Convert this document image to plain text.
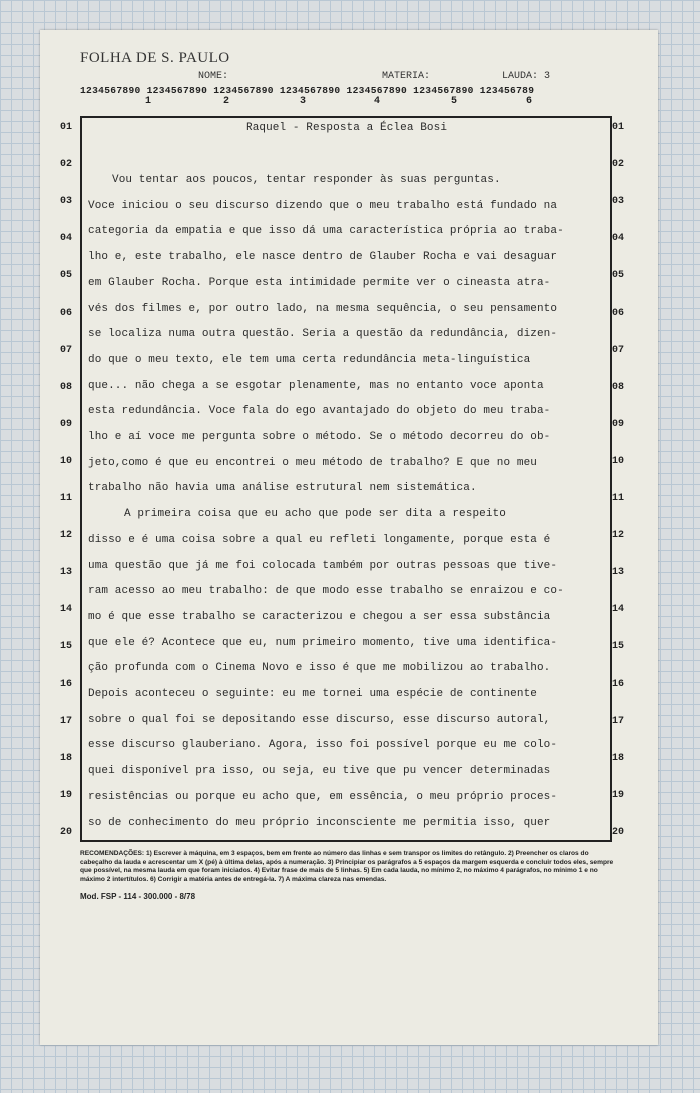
FOLHA DE S. PAULO
NOME:	MATERIA:	LAUDA: 3
1234567890 1234567890 1234567890 1234567890 1234567890 1234567890 123456789
1	2	3	4	5	6
01	01
02	02
03	03
04	04
05	05
06	06
07	07
08	08
09	09
10	10
11	11
12	12
13	13
14	14
15	15
16	16
17	17
18	18
19	19
20	20
Raquel - Resposta a Éclea Bosi
Vou tentar aos poucos, tentar responder às suas perguntas.
Voce iniciou o seu discurso dizendo que o meu trabalho está fundado na
categoria da empatia e que isso dá uma característica própria ao traba-
lho e, este trabalho, ele nasce dentro de Glauber Rocha e vai desaguar
em Glauber Rocha. Porque esta intimidade permite ver o cineasta atra-
vés dos filmes e, por outro lado, na mesma sequência, o seu pensamento
se localiza numa outra questão. Seria a questão da redundância, dizen-
do que o meu texto, ele tem uma certa redundância meta-linguística
que... não chega a se esgotar plenamente, mas no entanto voce aponta
esta redundância. Voce fala do ego avantajado do objeto do meu traba-
lho e aí voce me pergunta sobre o método. Se o método decorreu do ob-
jeto,como é que eu encontrei o meu método de trabalho? E que no meu
trabalho não havia uma análise estrutural nem sistemática.
A primeira coisa que eu acho que pode ser dita a respeito
disso e é uma coisa sobre a qual eu refleti longamente, porque esta é
uma questão que já me foi colocada também por outras pessoas que tive-
ram acesso ao meu trabalho: de que modo esse trabalho se enraizou e co-
mo é que esse trabalho se caracterizou e chegou a ser essa substância
que ele é? Acontece que eu, num primeiro momento, tive uma identifica-
ção profunda com o Cinema Novo e isso é que me mobilizou ao trabalho.
Depois aconteceu o seguinte: eu me tornei uma espécie de continente
sobre o qual foi se depositando esse discurso, esse discurso autoral,
esse discurso glauberiano. Agora, isso foi possível porque eu me colo-
quei disponível pra isso, ou seja, eu tive que pu vencer determinadas
resistências ou porque eu acho que, em essência, o meu próprio proces-
so de conhecimento do meu próprio inconsciente me permitia isso, quer
RECOMENDAÇÕES: 1) Escrever à máquina, em 3 espaços, bem em frente ao número das linhas e sem transpor os limites do retângulo. 2) Preencher os claros do cabeçalho da lauda e acrescentar um X (pé) à última delas, após a numeração. 3) Principiar os parágrafos a 5 espaços da margem esquerda e concluir todos eles, sempre que possível, na mesma lauda em que foram iniciados. 4) Evitar frase de mais de 5 linhas. 5) Em cada lauda, no mínimo 2, no máximo 4 parágrafos, no mínimo 1 e no máximo 2 intertítulos. 6) Corrigir a matéria antes de entregá-la. 7) A máxima clareza nas emendas.
Mod. FSP - 114 - 300.000 - 8/78
